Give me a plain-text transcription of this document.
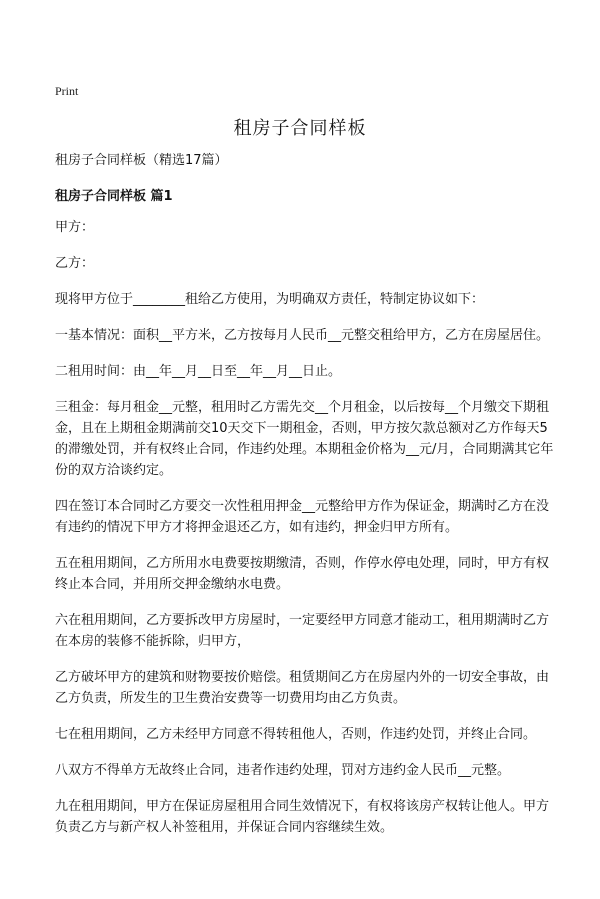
Print
租房子合同样板
租房子合同样板（精选17篇）
租房子合同样板 篇1
甲方：
乙方：
现将甲方位于________租给乙方使用，为明确双方责任，特制定协议如下：
一基本情况：面积__平方米，乙方按每月人民币__元整交租给甲方，乙方在房屋居住。
二租用时间：由__年__月__日至__年__月__日止。
三租金：每月租金__元整，租用时乙方需先交__个月租金，以后按每__个月缴交下期租金，且在上期租金期满前交10天交下一期租金，否则，甲方按欠款总额对乙方作每天5的滞缴处罚，并有权终止合同，作违约处理。本期租金价格为__元/月，合同期满其它年份的双方洽谈约定。
四在签订本合同时乙方要交一次性租用押金__元整给甲方作为保证金，期满时乙方在没有违约的情况下甲方才将押金退还乙方，如有违约，押金归甲方所有。
五在租用期间，乙方所用水电费要按期缴清，否则，作停水停电处理，同时，甲方有权终止本合同，并用所交押金缴纳水电费。
六在租用期间，乙方要拆改甲方房屋时，一定要经甲方同意才能动工，租用期满时乙方在本房的装修不能拆除，归甲方，
乙方破坏甲方的建筑和财物要按价赔偿。租赁期间乙方在房屋内外的一切安全事故，由乙方负责，所发生的卫生费治安费等一切费用均由乙方负责。
七在租用期间，乙方未经甲方同意不得转租他人，否则，作违约处罚，并终止合同。
八双方不得单方无故终止合同，违者作违约处理，罚对方违约金人民币__元整。
九在租用期间，甲方在保证房屋租用合同生效情况下，有权将该房产权转让他人。甲方负责乙方与新产权人补签租用，并保证合同内容继续生效。
